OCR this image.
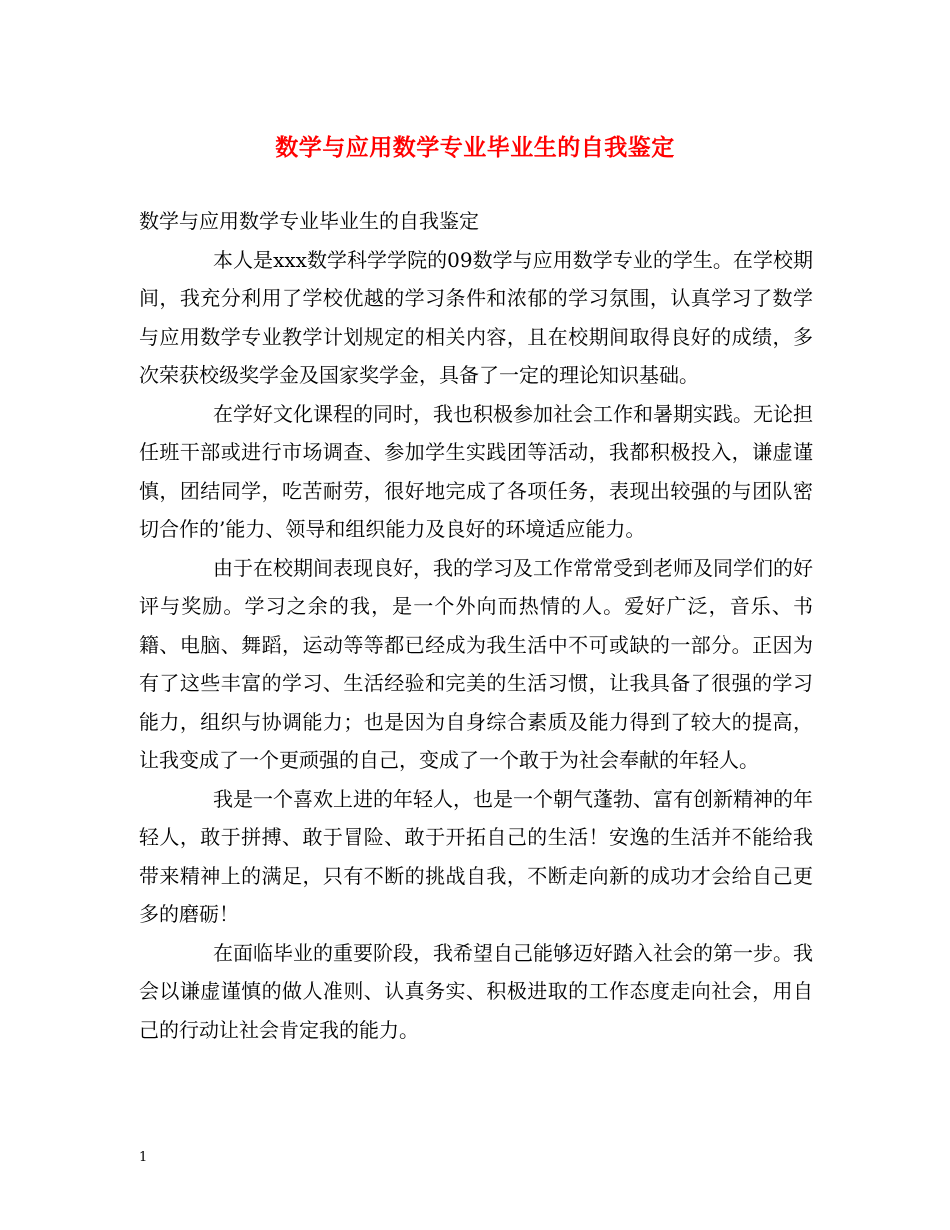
数学与应用数学专业毕业生的自我鉴定

数学与应用数学专业毕业生的自我鉴定

本人是xxx数学科学学院的09数学与应用数学专业的学生。在学校期间，我充分利用了学校优越的学习条件和浓郁的学习氛围，认真学习了数学与应用数学专业教学计划规定的相关内容，且在校期间取得良好的成绩，多次荣获校级奖学金及国家奖学金，具备了一定的理论知识基础。

在学好文化课程的同时，我也积极参加社会工作和暑期实践。无论担任班干部或进行市场调查、参加学生实践团等活动，我都积极投入，谦虚谨慎，团结同学，吃苦耐劳，很好地完成了各项任务，表现出较强的与团队密切合作的’能力、领导和组织能力及良好的环境适应能力。

由于在校期间表现良好，我的学习及工作常常受到老师及同学们的好评与奖励。学习之余的我，是一个外向而热情的人。爱好广泛，音乐、书籍、电脑、舞蹈，运动等等都已经成为我生活中不可或缺的一部分。正因为有了这些丰富的学习、生活经验和完美的生活习惯，让我具备了很强的学习能力，组织与协调能力；也是因为自身综合素质及能力得到了较大的提高，让我变成了一个更顽强的自己，变成了一个敢于为社会奉献的年轻人。

我是一个喜欢上进的年轻人，也是一个朝气蓬勃、富有创新精神的年轻人，敢于拼搏、敢于冒险、敢于开拓自己的生活！安逸的生活并不能给我带来精神上的满足，只有不断的挑战自我，不断走向新的成功才会给自己更多的磨砺！

在面临毕业的重要阶段，我希望自己能够迈好踏入社会的第一步。我会以谦虚谨慎的做人准则、认真务实、积极进取的工作态度走向社会，用自己的行动让社会肯定我的能力。

1
